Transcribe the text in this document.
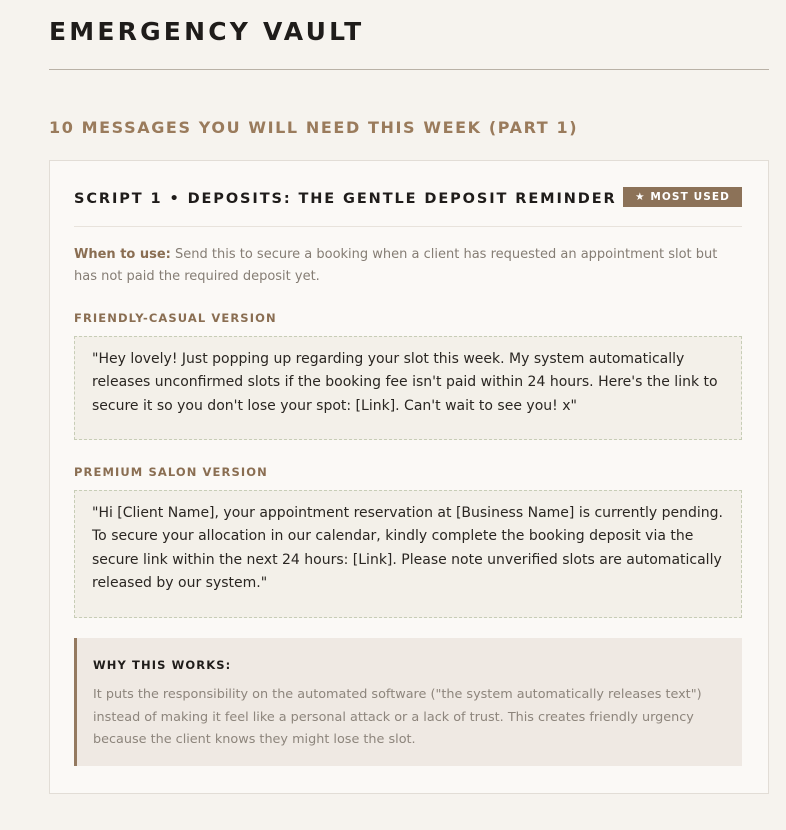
EMERGENCY VAULT
10 MESSAGES YOU WILL NEED THIS WEEK (PART 1)
SCRIPT 1 • DEPOSITS: THE GENTLE DEPOSIT REMINDER	★ MOST USED
When to use: Send this to secure a booking when a client has requested an appointment slot but has not paid the required deposit yet.
FRIENDLY-CASUAL VERSION
"Hey lovely! Just popping up regarding your slot this week. My system automatically releases unconfirmed slots if the booking fee isn't paid within 24 hours. Here's the link to secure it so you don't lose your spot: [Link]. Can't wait to see you! x"
PREMIUM SALON VERSION
"Hi [Client Name], your appointment reservation at [Business Name] is currently pending. To secure your allocation in our calendar, kindly complete the booking deposit via the secure link within the next 24 hours: [Link]. Please note unverified slots are automatically released by our system."
WHY THIS WORKS:
It puts the responsibility on the automated software ("the system automatically releases text") instead of making it feel like a personal attack or a lack of trust. This creates friendly urgency because the client knows they might lose the slot.
